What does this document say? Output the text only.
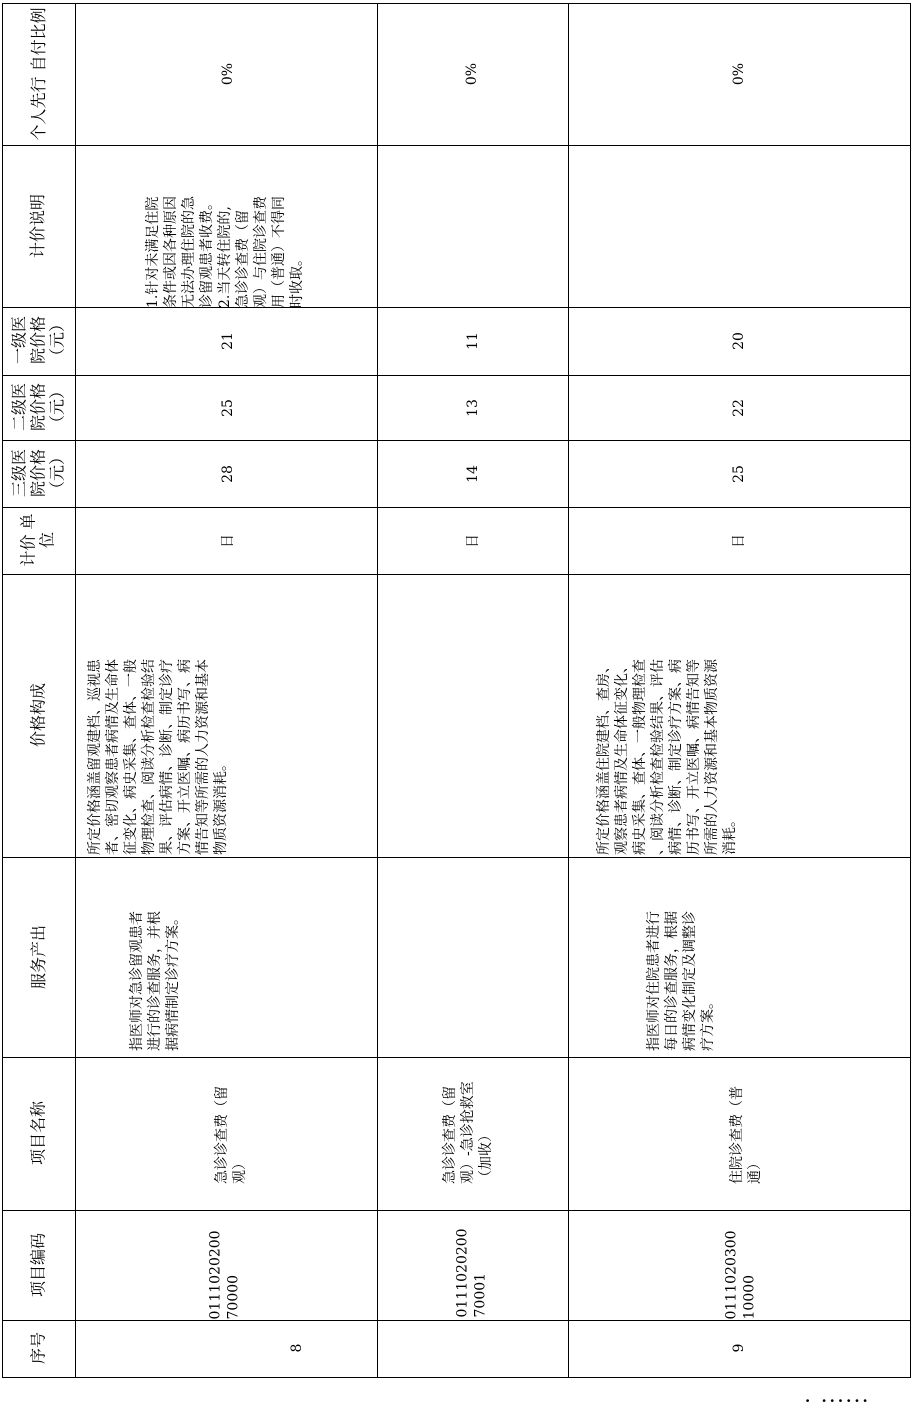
序号
项目编码
项目名称
服务产出
价格构成
计价 单位
三级医 院价格 （元）
二级医 院价格 （元）
一级医 院价格 （元）
计价说明
个人先行 自付比例
8
0111020200
70000
急诊诊查费（留
观）
指医师对急诊留观患者
进行的诊查服务，并根
据病情制定诊疗方案。
所定价格涵盖留观建档、巡视患
者、密切观察患者病情及生命体
征变化、病史采集、查体、一般
物理检查、阅读分析检查检验结
果、评估病情、诊断、制定诊疗
方案、开立医嘱、病历书写、病
情告知等所需的人力资源和基本
物质资源消耗。
日
28
25
21
1.针对未满足住院
条件或因各种原因
无法办理住院的急
诊留观患者收费。
2.当天转住院的,
急诊诊查费（留
观）与住院诊查费
用（普通）不得同
时收取。
0%
0111020200
70001
急诊诊查费（留
观）-急诊抢救室
（加收）
日
14
13
11
0%
9
0111020300
10000
住院诊查费（普
通）
指医师对住院患者进行
每日的诊查服务，根据
病情变化制定及调整诊
疗方案。
所定价格涵盖住院建档、查房、
观察患者病情及生命体征变化、
病史采集、查体、一般物理检查
、阅读分析检查检验结果、评估
病情、诊断、制定诊疗方案、病
历书写、开立医嘱、病情告知等
所需的人力资源和基本物质资源
消耗。
日
25
22
20
0%
· ······
